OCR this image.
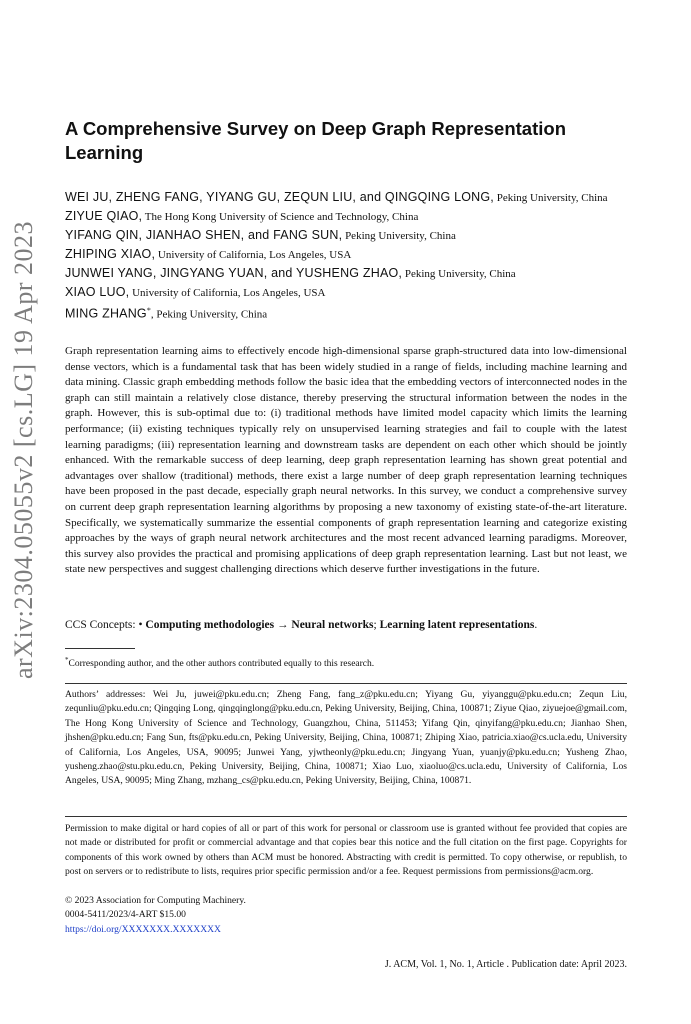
arXiv:2304.05055v2 [cs.LG] 19 Apr 2023
A Comprehensive Survey on Deep Graph Representation Learning
WEI JU, ZHENG FANG, YIYANG GU, ZEQUN LIU, and QINGQING LONG, Peking University, China
ZIYUE QIAO, The Hong Kong University of Science and Technology, China
YIFANG QIN, JIANHAO SHEN, and FANG SUN, Peking University, China
ZHIPING XIAO, University of California, Los Angeles, USA
JUNWEI YANG, JINGYANG YUAN, and YUSHENG ZHAO, Peking University, China
XIAO LUO, University of California, Los Angeles, USA
MING ZHANG*, Peking University, China

Graph representation learning aims to effectively encode high-dimensional sparse graph-structured data into low-dimensional dense vectors, which is a fundamental task that has been widely studied in a range of fields, including machine learning and data mining. Classic graph embedding methods follow the basic idea that the embedding vectors of interconnected nodes in the graph can still maintain a relatively close distance, thereby preserving the structural information between the nodes in the graph. However, this is sub-optimal due to: (i) traditional methods have limited model capacity which limits the learning performance; (ii) existing techniques typically rely on unsupervised learning strategies and fail to couple with the latest learning paradigms; (iii) representation learning and downstream tasks are dependent on each other which should be jointly enhanced. With the remarkable success of deep learning, deep graph representation learning has shown great potential and advantages over shallow (traditional) methods, there exist a large number of deep graph representation learning techniques have been proposed in the past decade, especially graph neural networks. In this survey, we conduct a comprehensive survey on current deep graph representation learning algorithms by proposing a new taxonomy of existing state-of-the-art literature. Specifically, we systematically summarize the essential components of graph representation learning and categorize existing approaches by the ways of graph neural network architectures and the most recent advanced learning paradigms. Moreover, this survey also provides the practical and promising applications of deep graph representation learning. Last but not least, we state new perspectives and suggest challenging directions which deserve further investigations in the future.

CCS Concepts: • Computing methodologies → Neural networks; Learning latent representations.

*Corresponding author, and the other authors contributed equally to this research.

Authors’ addresses: Wei Ju, juwei@pku.edu.cn; Zheng Fang, fang_z@pku.edu.cn; Yiyang Gu, yiyanggu@pku.edu.cn; Zequn Liu, zequnliu@pku.edu.cn; Qingqing Long, qingqinglong@pku.edu.cn, Peking University, Beijing, China, 100871; Ziyue Qiao, ziyuejoe@gmail.com, The Hong Kong University of Science and Technology, Guangzhou, China, 511453; Yifang Qin, qinyifang@pku.edu.cn; Jianhao Shen, jhshen@pku.edu.cn; Fang Sun, fts@pku.edu.cn, Peking University, Beijing, China, 100871; Zhiping Xiao, patricia.xiao@cs.ucla.edu, University of California, Los Angeles, USA, 90095; Junwei Yang, yjwtheonly@pku.edu.cn; Jingyang Yuan, yuanjy@pku.edu.cn; Yusheng Zhao, yusheng.zhao@stu.pku.edu.cn, Peking University, Beijing, China, 100871; Xiao Luo, xiaoluo@cs.ucla.edu, University of California, Los Angeles, USA, 90095; Ming Zhang, mzhang_cs@pku.edu.cn, Peking University, Beijing, China, 100871.

Permission to make digital or hard copies of all or part of this work for personal or classroom use is granted without fee provided that copies are not made or distributed for profit or commercial advantage and that copies bear this notice and the full citation on the first page. Copyrights for components of this work owned by others than ACM must be honored. Abstracting with credit is permitted. To copy otherwise, or republish, to post on servers or to redistribute to lists, requires prior specific permission and/or a fee. Request permissions from permissions@acm.org.

© 2023 Association for Computing Machinery.
0004-5411/2023/4-ART $15.00
https://doi.org/XXXXXXX.XXXXXXX
J. ACM, Vol. 1, No. 1, Article . Publication date: April 2023.
